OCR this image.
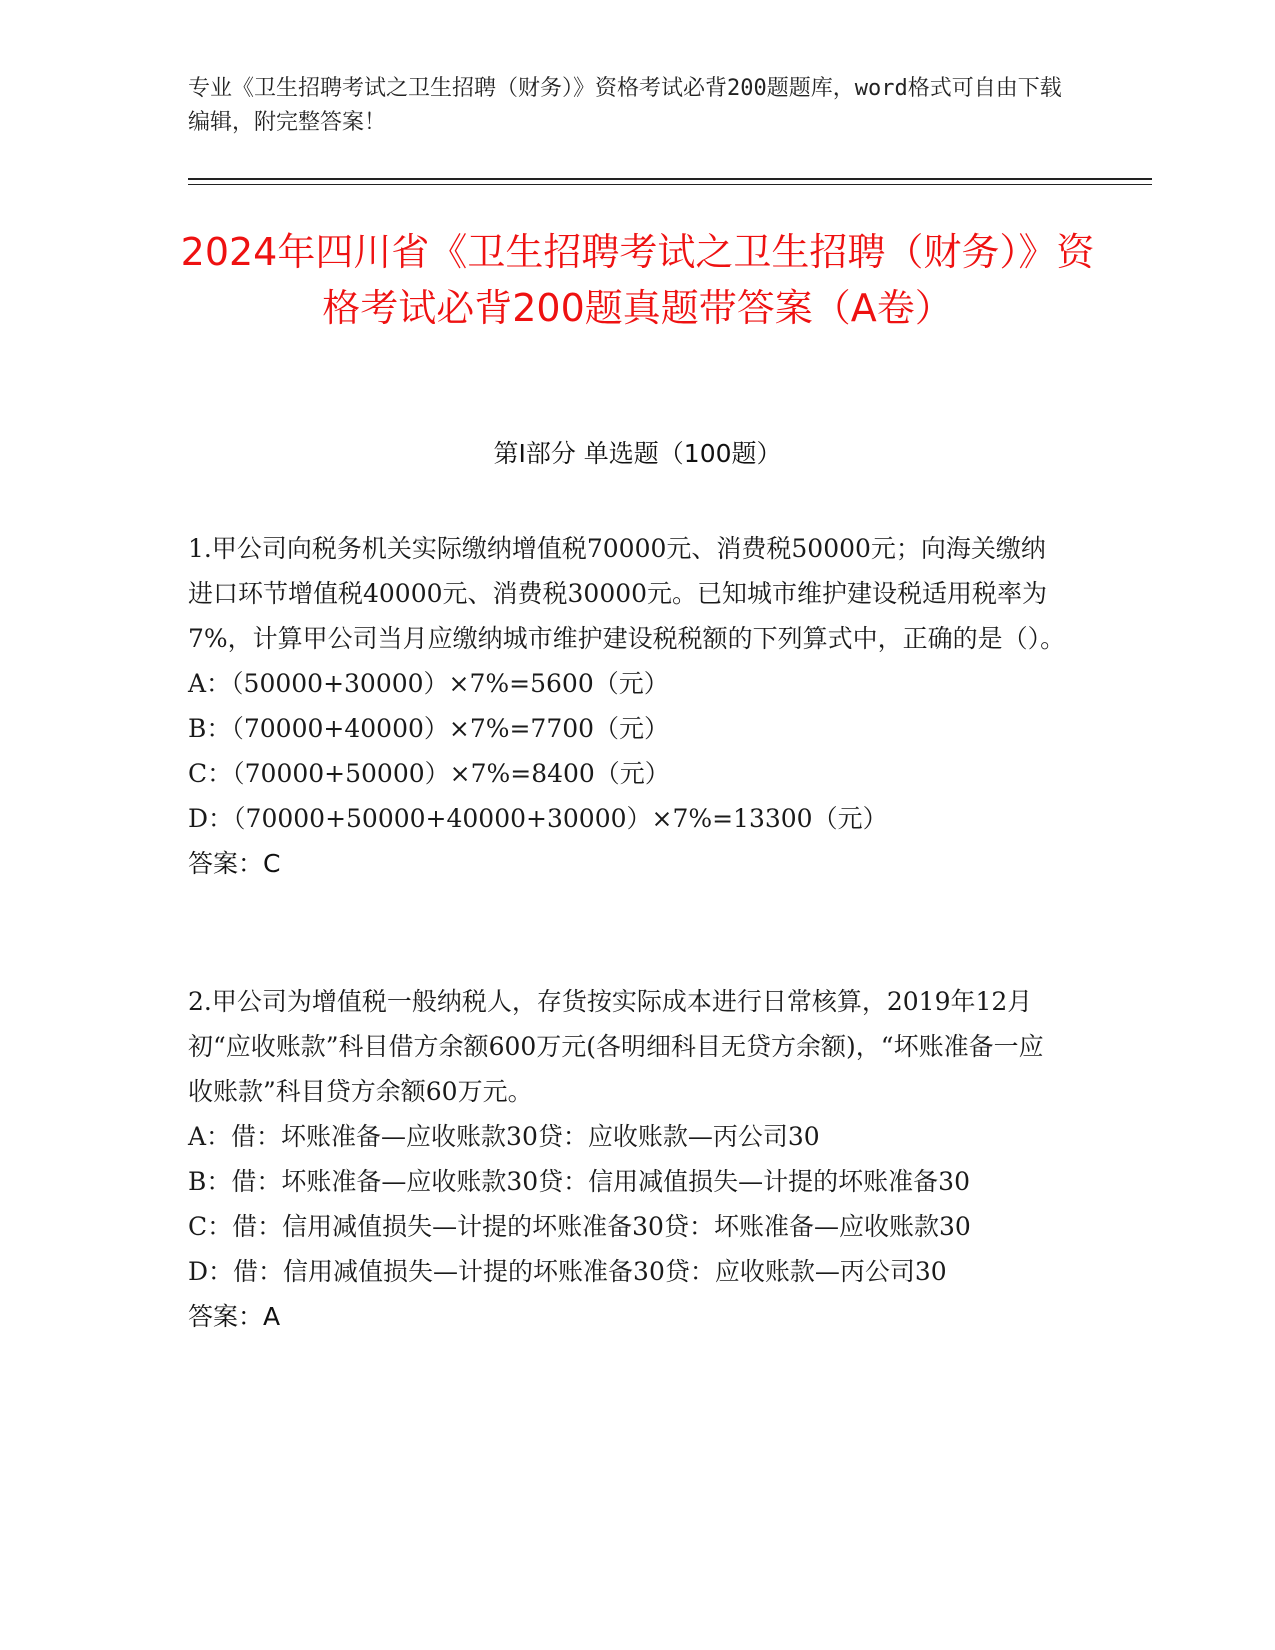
专业《卫生招聘考试之卫生招聘（财务）》资格考试必背200题题库，word格式可自由下载编辑，附完整答案！
2024年四川省《卫生招聘考试之卫生招聘（财务）》资格考试必背200题真题带答案（A卷）
第I部分 单选题（100题）

1.甲公司向税务机关实际缴纳增值税70000元、消费税50000元；向海关缴纳进口环节增值税40000元、消费税30000元。已知城市维护建设税适用税率为7%，计算甲公司当月应缴纳城市维护建设税税额的下列算式中，正确的是（）。

A：（50000+30000）×7%=5600（元）

B：（70000+40000）×7%=7700（元）

C：（70000+50000）×7%=8400（元）

D：（70000+50000+40000+30000）×7%=13300（元）

答案：C

2.甲公司为增值税一般纳税人，存货按实际成本进行日常核算，2019年12月初“应收账款”科目借方余额600万元(各明细科目无贷方余额)，“坏账准备一应收账款”科目贷方余额60万元。

A：借：坏账准备—应收账款30贷：应收账款—丙公司30

B：借：坏账准备—应收账款30贷：信用减值损失—计提的坏账准备30

C：借：信用减值损失—计提的坏账准备30贷：坏账准备—应收账款30

D：借：信用减值损失—计提的坏账准备30贷：应收账款—丙公司30

答案：A
